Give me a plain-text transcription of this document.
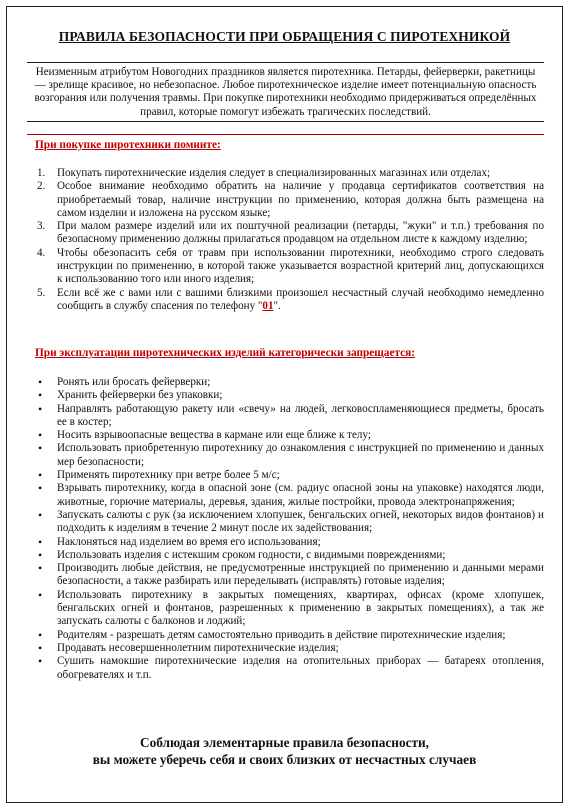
ПРАВИЛА БЕЗОПАСНОСТИ ПРИ ОБРАЩЕНИЯ С ПИРОТЕХНИКОЙ
Неизменным атрибутом Новогодних праздников является пиротехника. Петарды, фейерверки, ракетницы — зрелище красивое, но небезопасное. Любое пиротехническое изделие имеет потенциальную опасность возгорания или получения травмы. При покупке пиротехники необходимо придерживаться определённых правил, которые помогут избежать трагических последствий.
При покупке пиротехники помните:
1. Покупать пиротехнические изделия следует в специализированных магазинах или отделах;
2. Особое внимание необходимо обратить на наличие у продавца сертификатов соответствия на приобретаемый товар, наличие инструкции по применению, которая должна быть размещена на самом изделии и изложена на русском языке;
3. При малом размере изделий или их поштучной реализации (петарды, "жуки" и т.п.) требования по безопасному применению должны прилагаться продавцом на отдельном листе к каждому изделию;
4. Чтобы обезопасить себя от травм при использовании пиротехники, необходимо строго следовать инструкции по применению, в которой также указывается возрастной критерий лиц, допускающихся к использованию того или иного изделия;
5. Если всё же с вами или с вашими близкими произошел несчастный случай необходимо немедленно сообщить в службу спасения по телефону "01".
При эксплуатации пиротехнических изделий категорически запрещается:
• Ронять или бросать фейерверки;
• Хранить фейерверки без упаковки;
• Направлять работающую ракету или «свечу» на людей, легковоспламеняющиеся предметы, бросать ее в костер;
• Носить взрывоопасные вещества в кармане или еще ближе к телу;
• Использовать приобретенную пиротехнику до ознакомления с инструкцией по применению и данных мер безопасности;
• Применять пиротехнику при ветре более 5 м/с;
• Взрывать пиротехнику, когда в опасной зоне (см. радиус опасной зоны на упаковке) находятся люди, животные, горючие материалы, деревья, здания, жилые постройки, провода электронапряжения;
• Запускать салюты с рук (за исключением хлопушек, бенгальских огней, некоторых видов фонтанов) и подходить к изделиям в течение 2 минут после их задействования;
• Наклоняться над изделием во время его использования;
• Использовать изделия с истекшим сроком годности, с видимыми повреждениями;
• Производить любые действия, не предусмотренные инструкцией по применению и данными мерами безопасности, а также разбирать или переделывать (исправлять) готовые изделия;
• Использовать пиротехнику в закрытых помещениях, квартирах, офисах (кроме хлопушек, бенгальских огней и фонтанов, разрешенных к применению в закрытых помещениях), а так же запускать салюты с балконов и лоджий;
• Родителям - разрешать детям самостоятельно приводить в действие пиротехнические изделия;
• Продавать несовершеннолетним пиротехнические изделия;
• Сушить намокшие пиротехнические изделия на отопительных приборах — батареях отопления, обогревателях и т.п.
Соблюдая элементарные правила безопасности,
вы можете уберечь себя и своих близких от несчастных случаев
